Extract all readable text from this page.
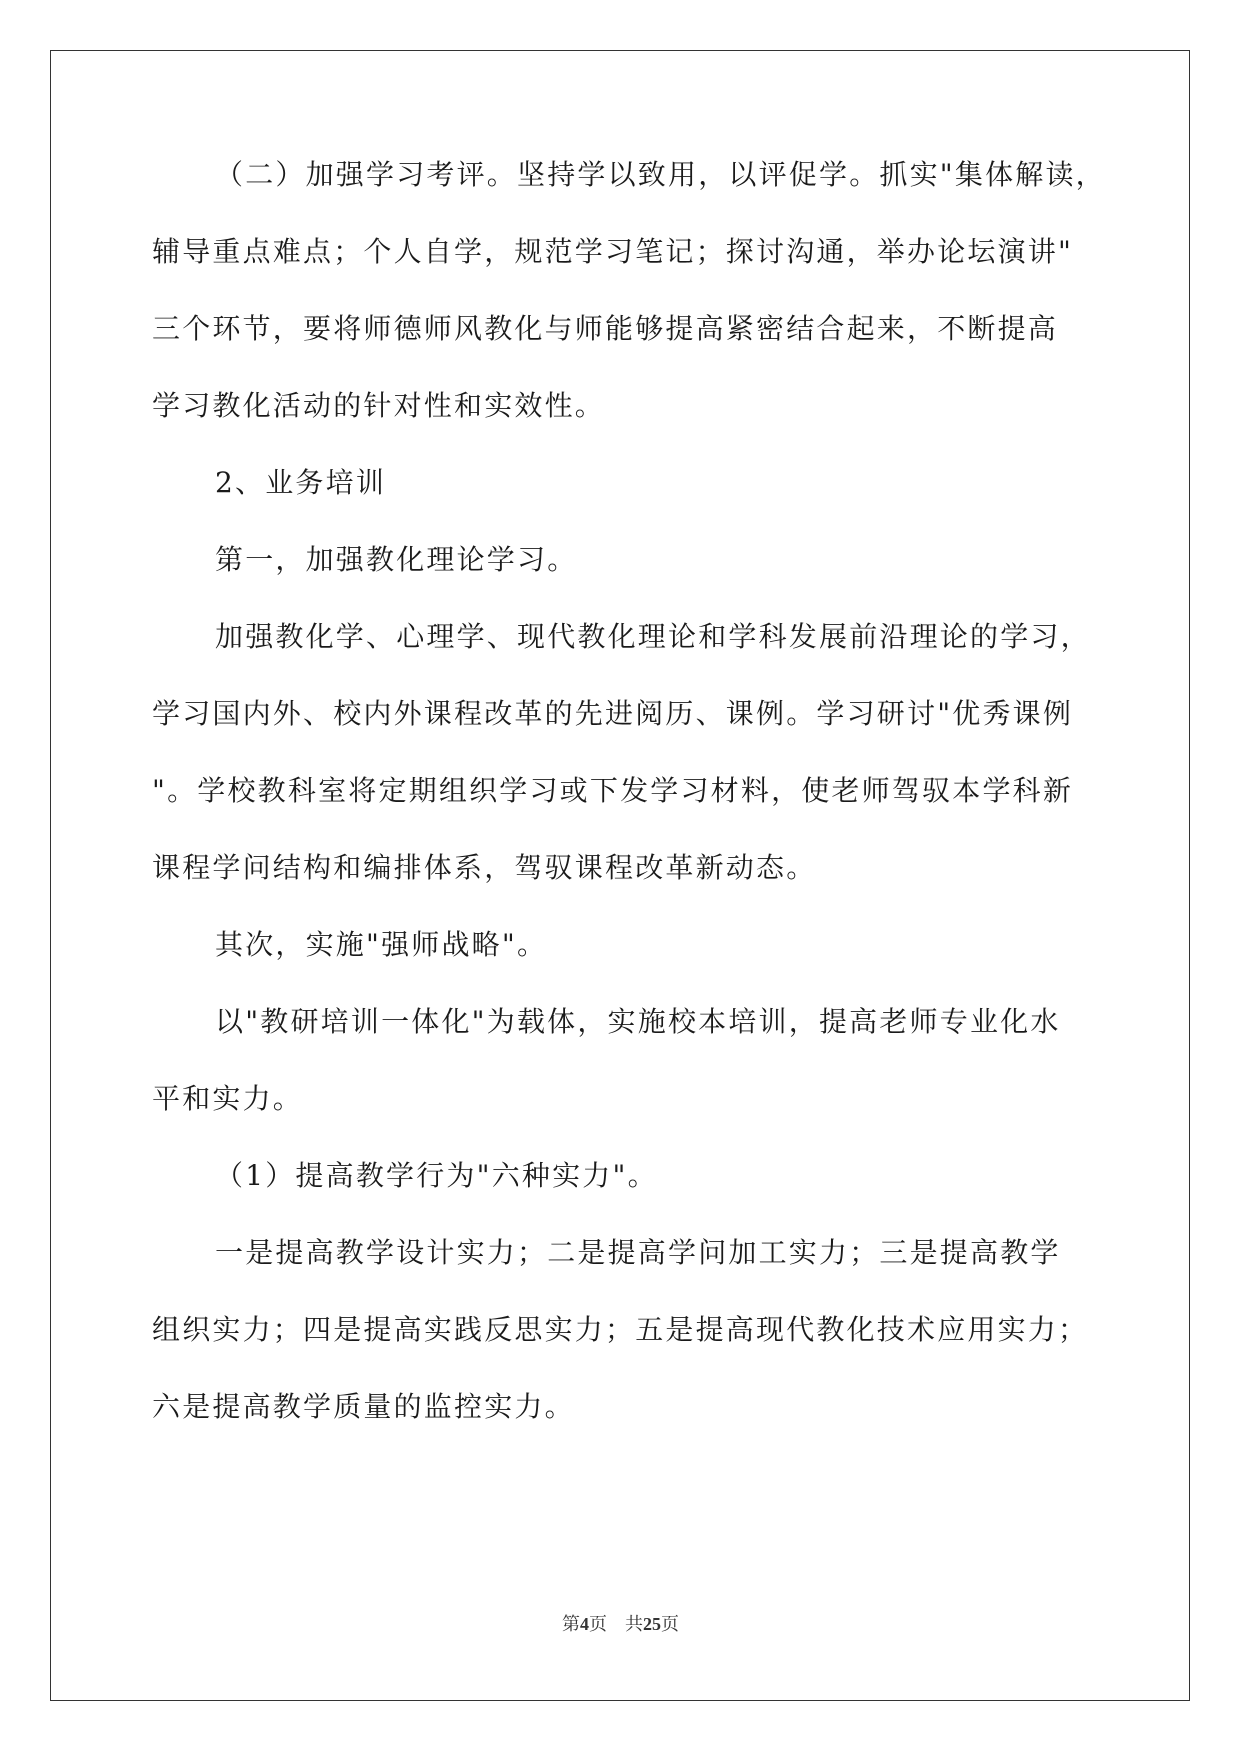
（二）加强学习考评。坚持学以致用，以评促学。抓实"集体解读，
辅导重点难点；个人自学，规范学习笔记；探讨沟通，举办论坛演讲"
三个环节，要将师德师风教化与师能够提高紧密结合起来，不断提高
学习教化活动的针对性和实效性。
2、业务培训
第一，加强教化理论学习。
加强教化学、心理学、现代教化理论和学科发展前沿理论的学习，
学习国内外、校内外课程改革的先进阅历、课例。学习研讨"优秀课例
"。学校教科室将定期组织学习或下发学习材料，使老师驾驭本学科新
课程学问结构和编排体系，驾驭课程改革新动态。
其次，实施"强师战略"。
以"教研培训一体化"为载体，实施校本培训，提高老师专业化水
平和实力。
（1）提高教学行为"六种实力"。
一是提高教学设计实力；二是提高学问加工实力；三是提高教学
组织实力；四是提高实践反思实力；五是提高现代教化技术应用实力；
六是提高教学质量的监控实力。
第4页　共25页
